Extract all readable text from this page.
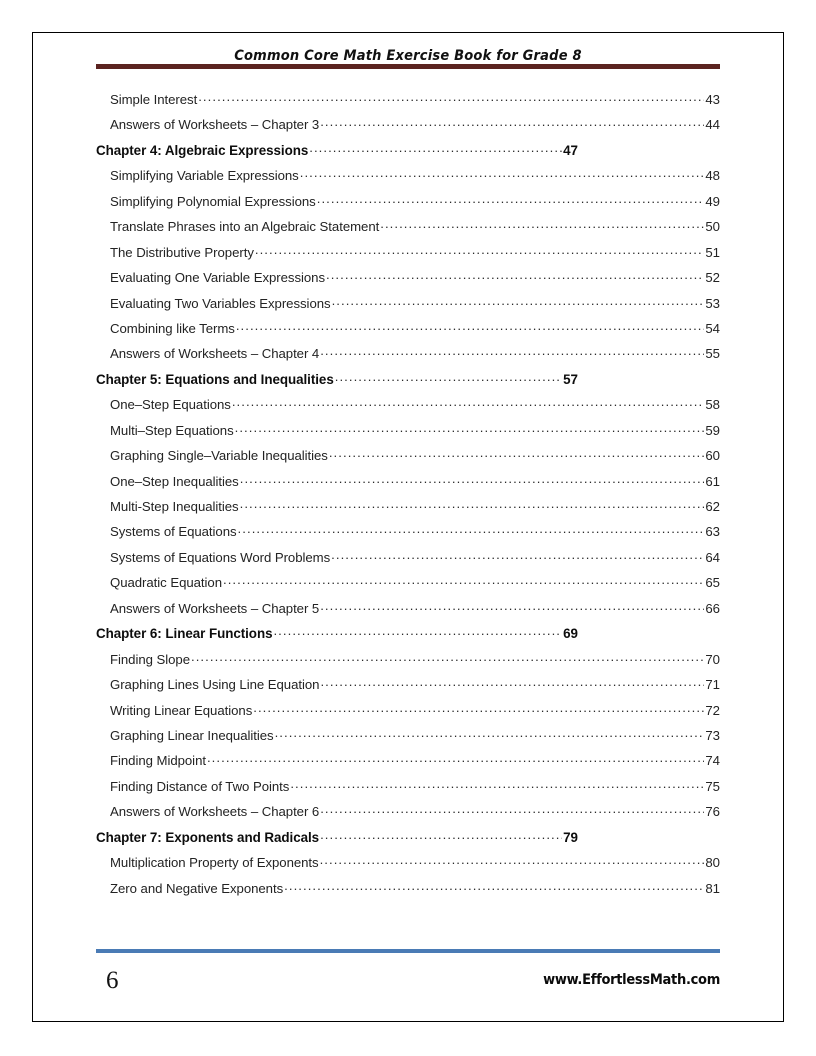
Common Core Math Exercise Book for Grade 8
Simple Interest .....	43
Answers of Worksheets – Chapter 3 .....	44
Chapter 4: Algebraic Expressions .....	47
Simplifying Variable Expressions .....	48
Simplifying Polynomial Expressions .....	49
Translate Phrases into an Algebraic Statement .....	50
The Distributive Property .....	51
Evaluating One Variable Expressions .....	52
Evaluating Two Variables Expressions .....	53
Combining like Terms .....	54
Answers of Worksheets – Chapter 4 .....	55
Chapter 5: Equations and Inequalities .....	57
One–Step Equations .....	58
Multi–Step Equations .....	59
Graphing Single–Variable Inequalities .....	60
One–Step Inequalities .....	61
Multi-Step Inequalities .....	62
Systems of Equations .....	63
Systems of Equations Word Problems .....	64
Quadratic Equation .....	65
Answers of Worksheets – Chapter 5 .....	66
Chapter 6: Linear Functions .....	69
Finding Slope .....	70
Graphing Lines Using Line Equation .....	71
Writing Linear Equations .....	72
Graphing Linear Inequalities .....	73
Finding Midpoint .....	74
Finding Distance of Two Points .....	75
Answers of Worksheets – Chapter 6 .....	76
Chapter 7: Exponents and Radicals .....	79
Multiplication Property of Exponents .....	80
Zero and Negative Exponents .....	81
6	www.EffortlessMath.com
